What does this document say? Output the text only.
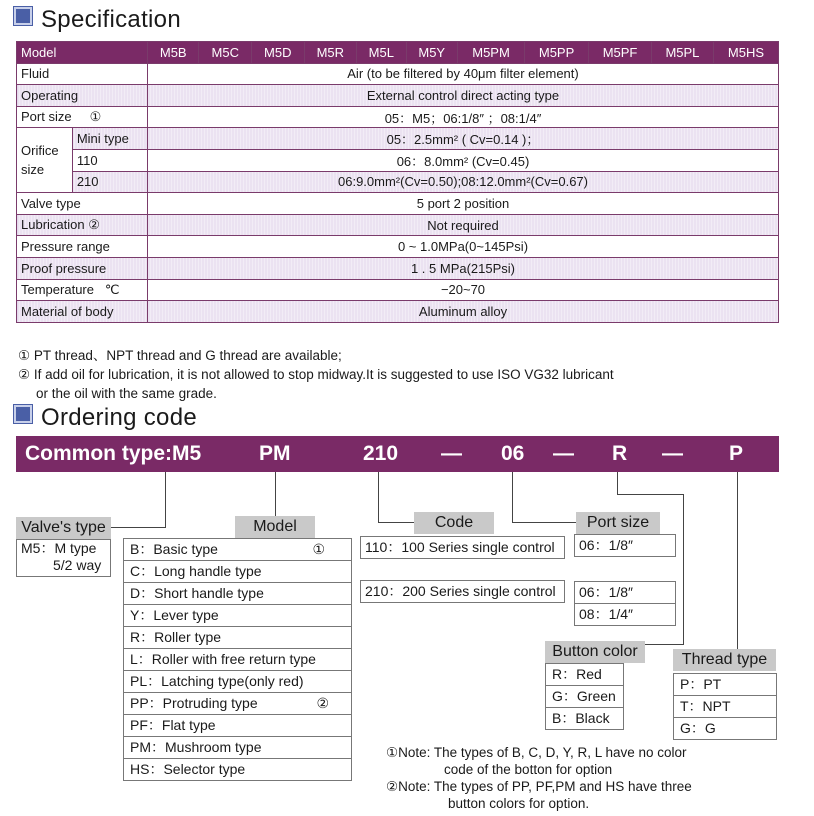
Specification
Model		M5B	M5C	M5D	M5R	M5L	M5Y	M5PM	M5PP	M5PF	M5PL	M5HS
Fluid		Air (to be filtered by 40μm filter element)										
Operating		External control direct acting type										
Port size ①		05：M5；06:1/8″ ；08:1/4″										
Orifice size	Mini type	05：2.5mm² ( Cv=0.14 )；										
	110	06：8.0mm² (Cv=0.45)										
	210	06:9.0mm²(Cv=0.50);08:12.0mm²(Cv=0.67)										
Valve type		5 port 2 position										
Lubrication ②		Not required										
Pressure range		0 ~ 1.0MPa(0~145Psi)										
Proof pressure		1 . 5 MPa(215Psi)										
Temperature ℃		−20~70										
Material of body		Aluminum alloy										
① PT thread、NPT thread and G thread are available;
② If add oil for lubrication, it is not allowed to stop midway.It is suggested to use ISO VG32 lubricant
or the oil with the same grade.
Ordering code
Common type:M5	PM	210 — 06 — R — P
Valve's type
M5：M type
5/2 way
Model
B：Basic type	①
C：Long handle type
D：Short handle type
Y：Lever type
R：Roller type
L：Roller with free return type
PL：Latching type(only red)
PP：Protruding type	②
PF：Flat type
PM：Mushroom type
HS：Selector type
Code
110：100 Series single control
210：200 Series single control
Port size
06：1/8″
06：1/8″
08：1/4″
Button color
R：Red
G：Green
B：Black
Thread type
P：PT
T：NPT
G：G
①Note: The types of B, C, D, Y, R, L have no color
code of the botton for option
②Note: The types of PP, PF,PM and HS have three
button colors for option.
